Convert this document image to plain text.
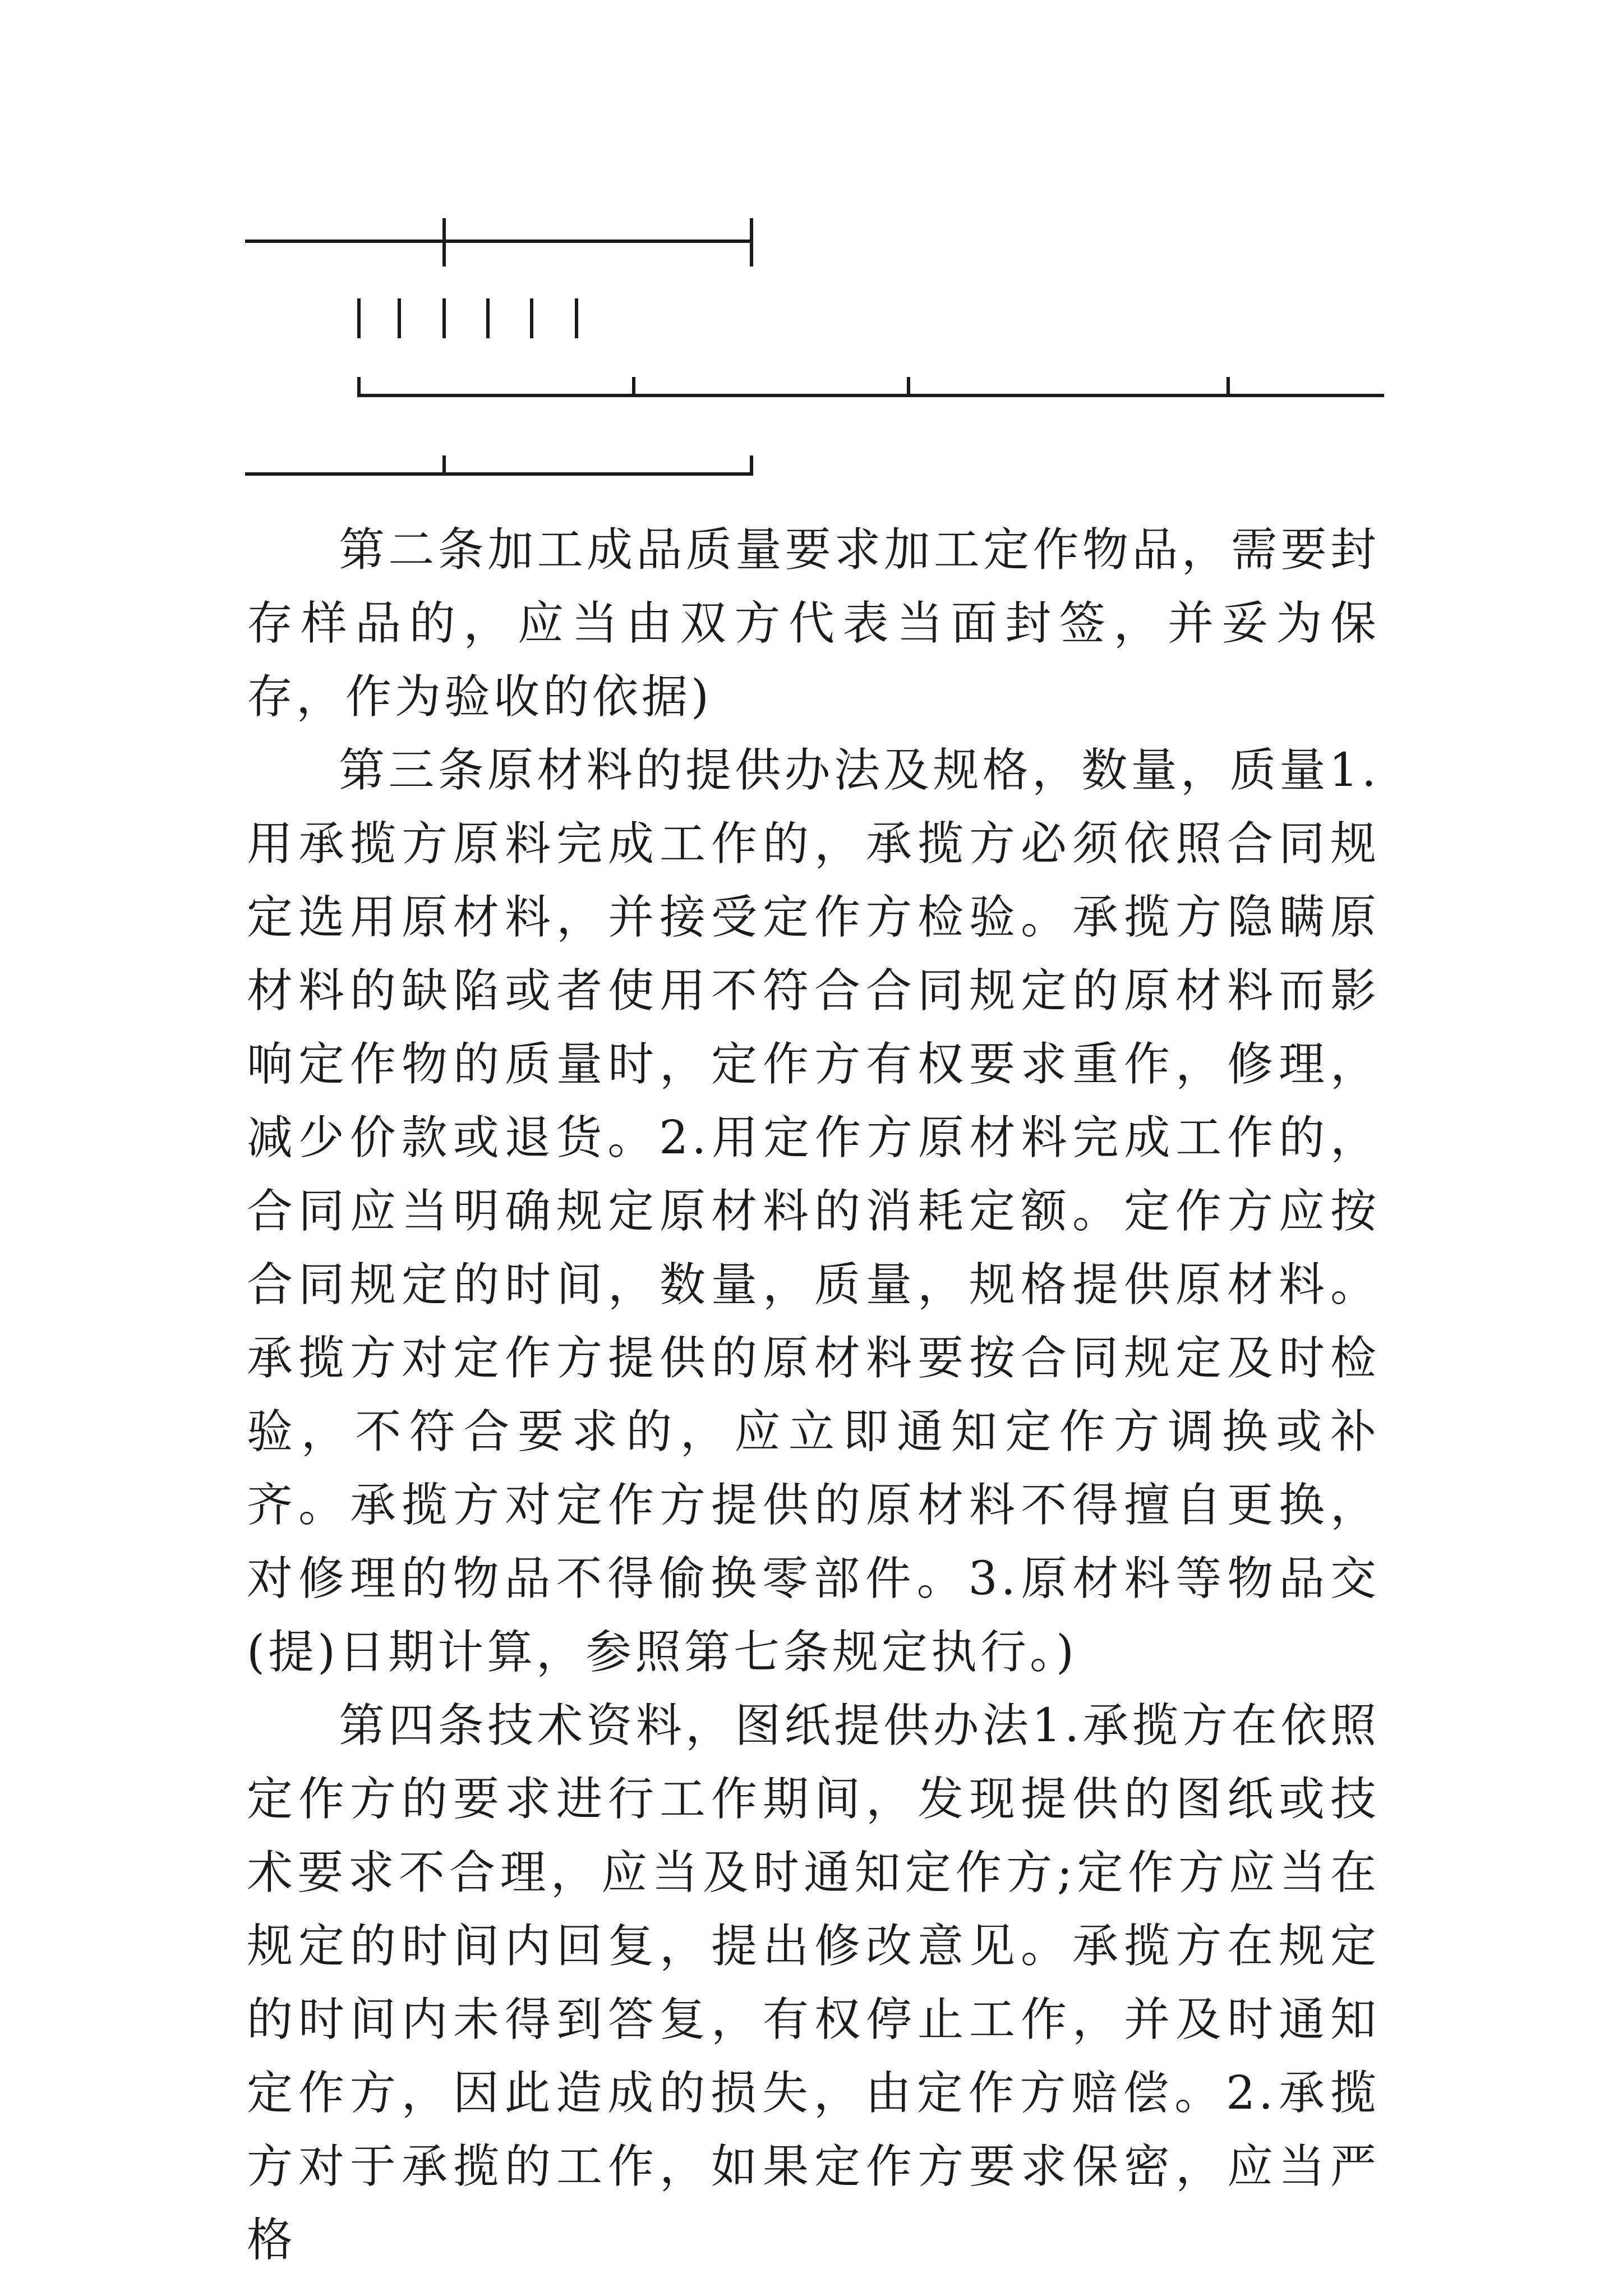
第二条加工成品质量要求加工定作物品，需要封存样品的，应当由双方代表当面封签，并妥为保存，作为验收的依据)

第三条原材料的提供办法及规格，数量，质量1.用承揽方原料完成工作的，承揽方必须依照合同规定选用原材料，并接受定作方检验。承揽方隐瞒原材料的缺陷或者使用不符合合同规定的原材料而影响定作物的质量时，定作方有权要求重作，修理，减少价款或退货。2.用定作方原材料完成工作的，合同应当明确规定原材料的消耗定额。定作方应按合同规定的时间，数量，质量，规格提供原材料。承揽方对定作方提供的原材料要按合同规定及时检验，不符合要求的，应立即通知定作方调换或补齐。承揽方对定作方提供的原材料不得擅自更换，对修理的物品不得偷换零部件。3.原材料等物品交(提)日期计算，参照第七条规定执行。)

第四条技术资料，图纸提供办法1.承揽方在依照定作方的要求进行工作期间，发现提供的图纸或技术要求不合理，应当及时通知定作方;定作方应当在规定的时间内回复，提出修改意见。承揽方在规定的时间内未得到答复，有权停止工作，并及时通知定作方，因此造成的损失，由定作方赔偿。2.承揽方对于承揽的工作，如果定作方要求保密，应当严格
